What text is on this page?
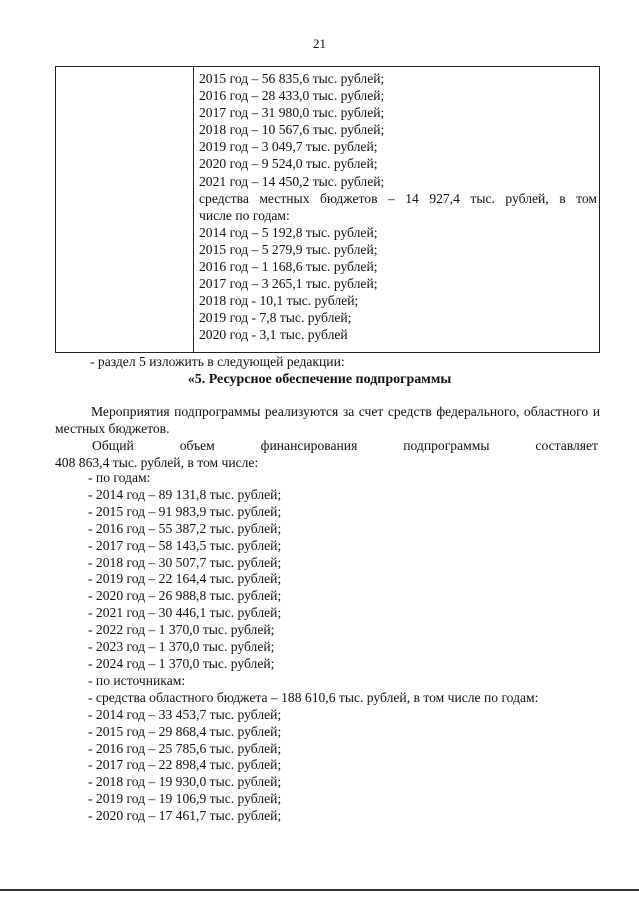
21
2015 год – 56 835,6 тыс. рублей;
2016 год – 28 433,0 тыс. рублей;
2017 год – 31 980,0 тыс. рублей;
2018 год – 10 567,6 тыс. рублей;
2019 год – 3 049,7 тыс. рублей;
2020 год – 9 524,0 тыс. рублей;
2021 год – 14 450,2 тыс. рублей;
средства местных бюджетов – 14 927,4 тыс. рублей, в том
числе по годам:
2014 год – 5 192,8 тыс. рублей;
2015 год – 5 279,9 тыс. рублей;
2016 год – 1 168,6 тыс. рублей;
2017 год – 3 265,1 тыс. рублей;
2018 год - 10,1 тыс. рублей;
2019 год - 7,8 тыс. рублей;
2020 год - 3,1 тыс. рублей
- раздел 5 изложить в следующей редакции:
«5. Ресурсное обеспечение подпрограммы
Мероприятия подпрограммы реализуются за счет средств федерального, областного и местных бюджетов.
Общий объем финансирования подпрограммы составляет
408 863,4 тыс. рублей, в том числе:
- по годам:
- 2014 год – 89 131,8 тыс. рублей;
- 2015 год – 91 983,9 тыс. рублей;
- 2016 год – 55 387,2 тыс. рублей;
- 2017 год – 58 143,5 тыс. рублей;
- 2018 год – 30 507,7 тыс. рублей;
- 2019 год – 22 164,4 тыс. рублей;
- 2020 год – 26 988,8 тыс. рублей;
- 2021 год – 30 446,1 тыс. рублей;
- 2022 год – 1 370,0 тыс. рублей;
- 2023 год – 1 370,0 тыс. рублей;
- 2024 год – 1 370,0 тыс. рублей;
- по источникам:
- средства областного бюджета – 188 610,6 тыс. рублей, в том числе по годам:
- 2014 год – 33 453,7 тыс. рублей;
- 2015 год – 29 868,4 тыс. рублей;
- 2016 год – 25 785,6 тыс. рублей;
- 2017 год – 22 898,4 тыс. рублей;
- 2018 год – 19 930,0 тыс. рублей;
- 2019 год – 19 106,9 тыс. рублей;
- 2020 год – 17 461,7 тыс. рублей;
